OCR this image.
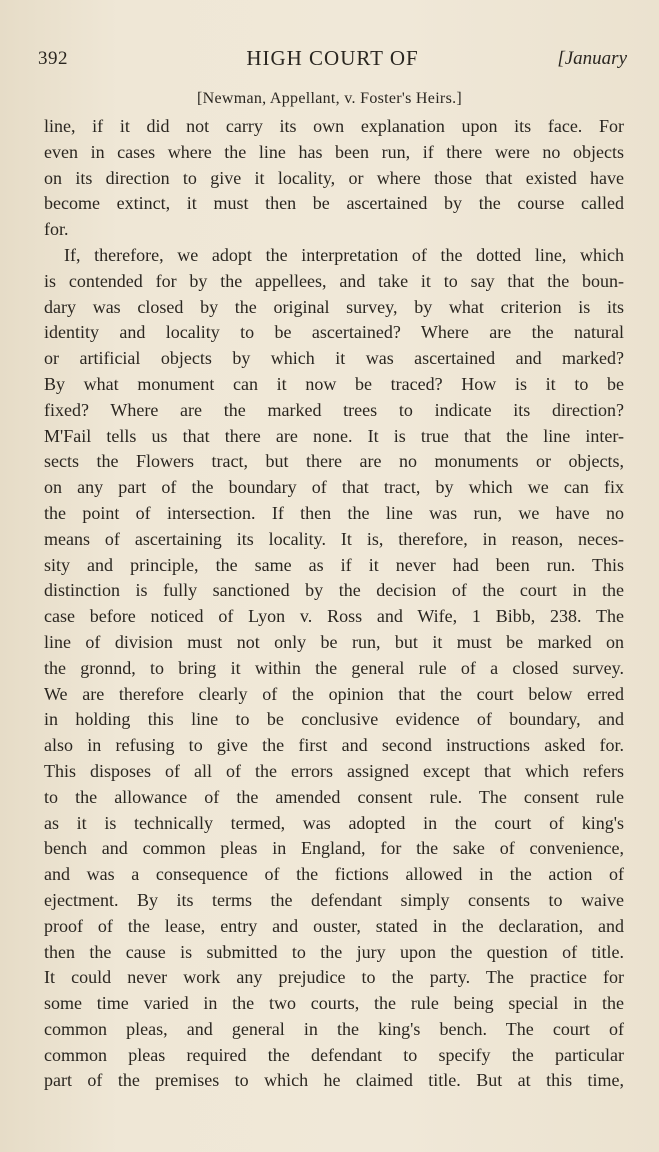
392	HIGH COURT OF	[January
[Newman, Appellant, v. Foster's Heirs.]
line, if it did not carry its own explanation upon its face. For
even in cases where the line has been run, if there were no objects
on its direction to give it locality, or where those that existed have
become extinct, it must then be ascertained by the course called
for.
If, therefore, we adopt the interpretation of the dotted line, which
is contended for by the appellees, and take it to say that the boun-
dary was closed by the original survey, by what criterion is its
identity and locality to be ascertained? Where are the natural
or artificial objects by which it was ascertained and marked?
By what monument can it now be traced? How is it to be
fixed? Where are the marked trees to indicate its direction?
M'Fail tells us that there are none. It is true that the line inter-
sects the Flowers tract, but there are no monuments or objects,
on any part of the boundary of that tract, by which we can fix
the point of intersection. If then the line was run, we have no
means of ascertaining its locality. It is, therefore, in reason, neces-
sity and principle, the same as if it never had been run. This
distinction is fully sanctioned by the decision of the court in the
case before noticed of Lyon v. Ross and Wife, 1 Bibb, 238. The
line of division must not only be run, but it must be marked on
the gronnd, to bring it within the general rule of a closed survey.
We are therefore clearly of the opinion that the court below erred
in holding this line to be conclusive evidence of boundary, and
also in refusing to give the first and second instructions asked for.
This disposes of all of the errors assigned except that which refers
to the allowance of the amended consent rule. The consent rule
as it is technically termed, was adopted in the court of king's
bench and common pleas in England, for the sake of convenience,
and was a consequence of the fictions allowed in the action of
ejectment. By its terms the defendant simply consents to waive
proof of the lease, entry and ouster, stated in the declaration, and
then the cause is submitted to the jury upon the question of title.
It could never work any prejudice to the party. The practice for
some time varied in the two courts, the rule being special in the
common pleas, and general in the king's bench. The court of
common pleas required the defendant to specify the particular
part of the premises to which he claimed title. But at this time,
